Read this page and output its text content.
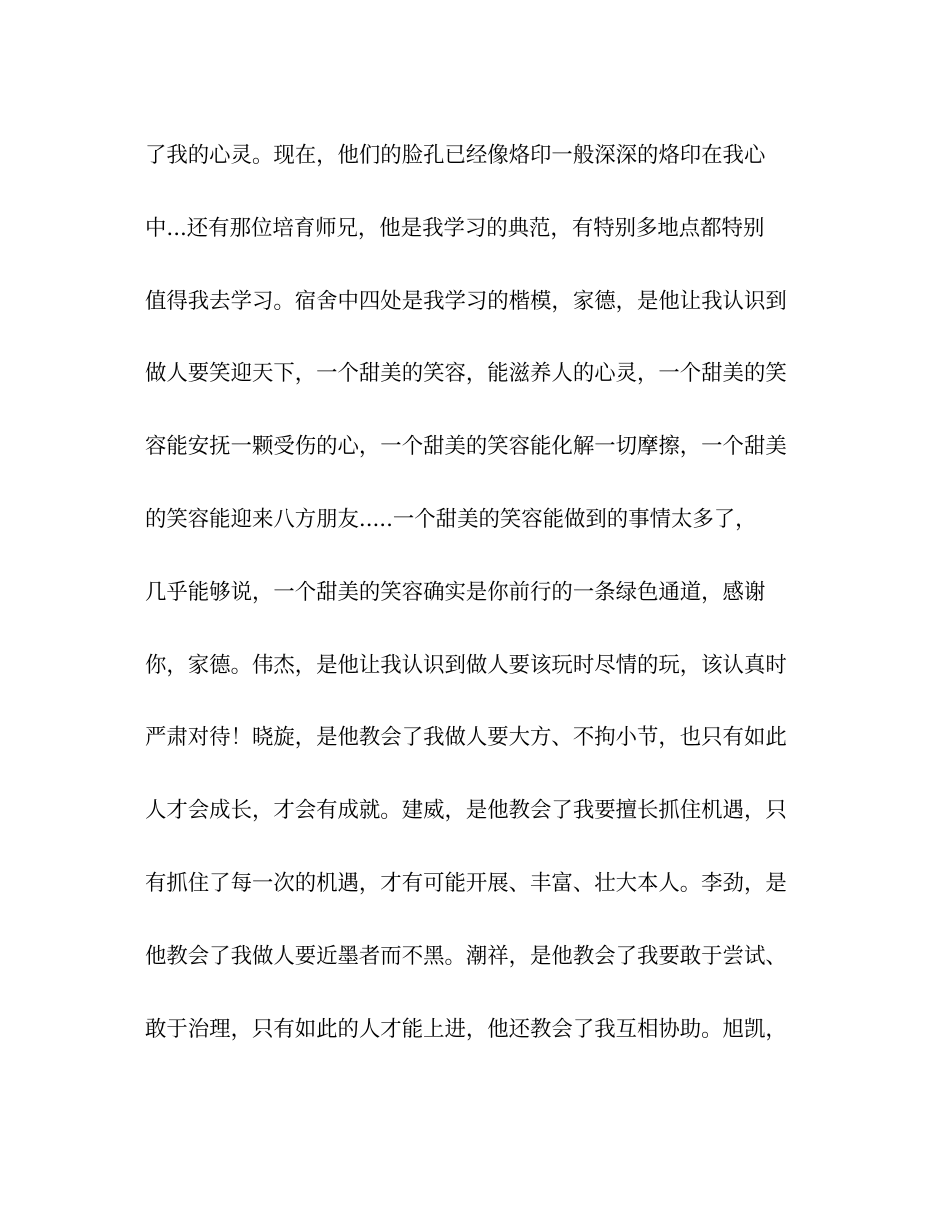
了我的心灵。现在，他们的脸孔已经像烙印一般深深的烙印在我心
中...还有那位培育师兄，他是我学习的典范，有特别多地点都特别
值得我去学习。宿舍中四处是我学习的楷模，家德，是他让我认识到
做人要笑迎天下，一个甜美的笑容，能滋养人的心灵，一个甜美的笑
容能安抚一颗受伤的心，一个甜美的笑容能化解一切摩擦，一个甜美
的笑容能迎来八方朋友.....一个甜美的笑容能做到的事情太多了，
几乎能够说，一个甜美的笑容确实是你前行的一条绿色通道，感谢
你，家德。伟杰，是他让我认识到做人要该玩时尽情的玩，该认真时
严肃对待！晓旋，是他教会了我做人要大方、不拘小节，也只有如此
人才会成长，才会有成就。建威，是他教会了我要擅长抓住机遇，只
有抓住了每一次的机遇，才有可能开展、丰富、壮大本人。李劲，是
他教会了我做人要近墨者而不黑。潮祥，是他教会了我要敢于尝试、
敢于治理，只有如此的人才能上进，他还教会了我互相协助。旭凯，
